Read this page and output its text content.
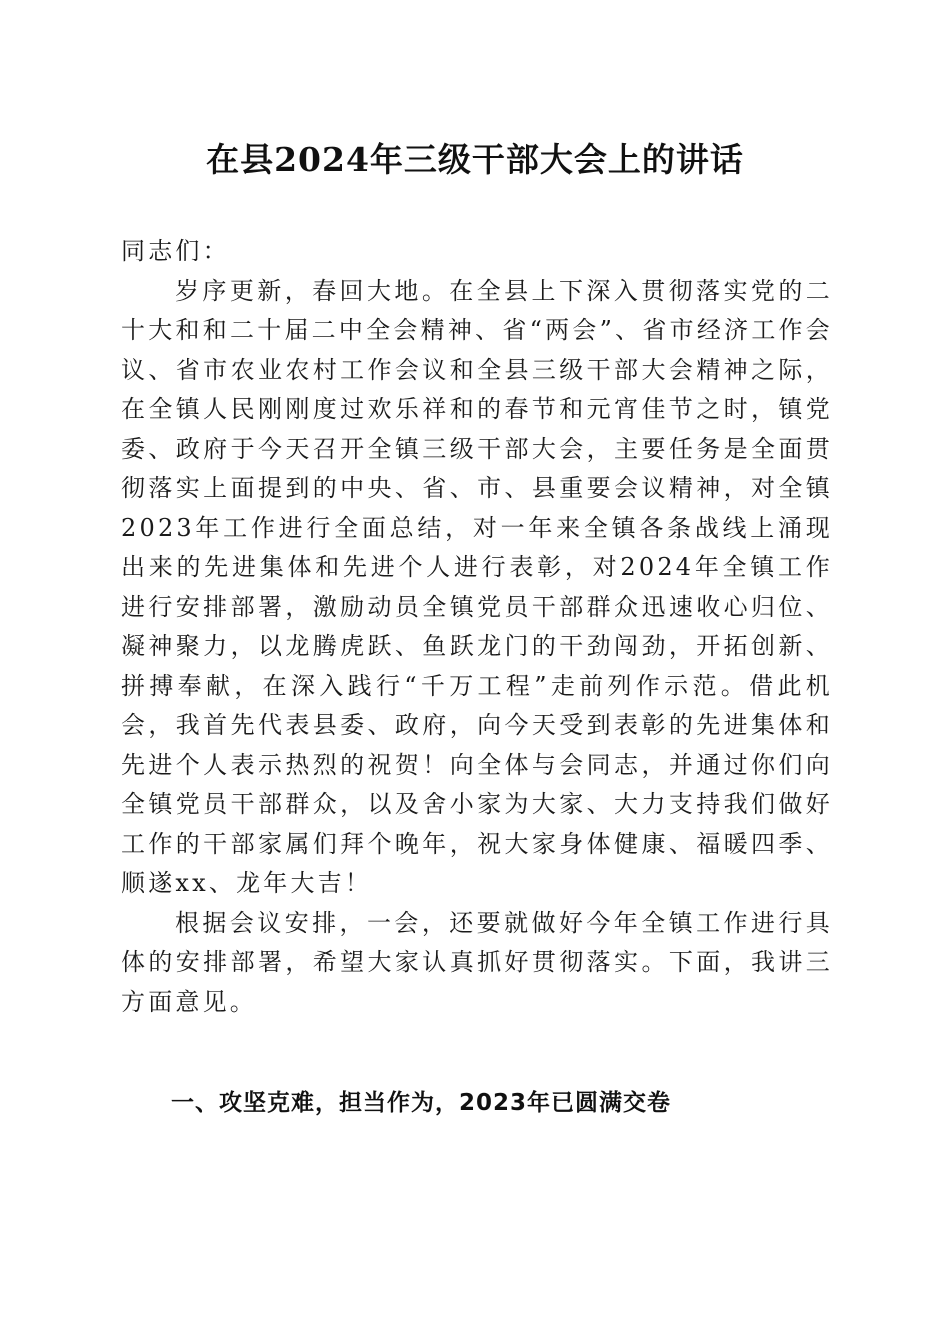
在县2024年三级干部大会上的讲话

同志们：

岁序更新，春回大地。在全县上下深入贯彻落实党的二十大和和二十届二中全会精神、省“两会”、省市经济工作会议、省市农业农村工作会议和全县三级干部大会精神之际，在全镇人民刚刚度过欢乐祥和的春节和元宵佳节之时，镇党委、政府于今天召开全镇三级干部大会，主要任务是全面贯彻落实上面提到的中央、省、市、县重要会议精神，对全镇2023年工作进行全面总结，对一年来全镇各条战线上涌现出来的先进集体和先进个人进行表彰，对2024年全镇工作进行安排部署，激励动员全镇党员干部群众迅速收心归位、凝神聚力，以龙腾虎跃、鱼跃龙门的干劲闯劲，开拓创新、拼搏奉献，在深入践行“千万工程”走前列作示范。借此机会，我首先代表县委、政府，向今天受到表彰的先进集体和先进个人表示热烈的祝贺！向全体与会同志，并通过你们向全镇党员干部群众，以及舍小家为大家、大力支持我们做好工作的干部家属们拜个晚年，祝大家身体健康、福暖四季、顺遂xx、龙年大吉！

根据会议安排，一会，还要就做好今年全镇工作进行具体的安排部署，希望大家认真抓好贯彻落实。下面，我讲三方面意见。

一、攻坚克难，担当作为，2023年已圆满交卷
